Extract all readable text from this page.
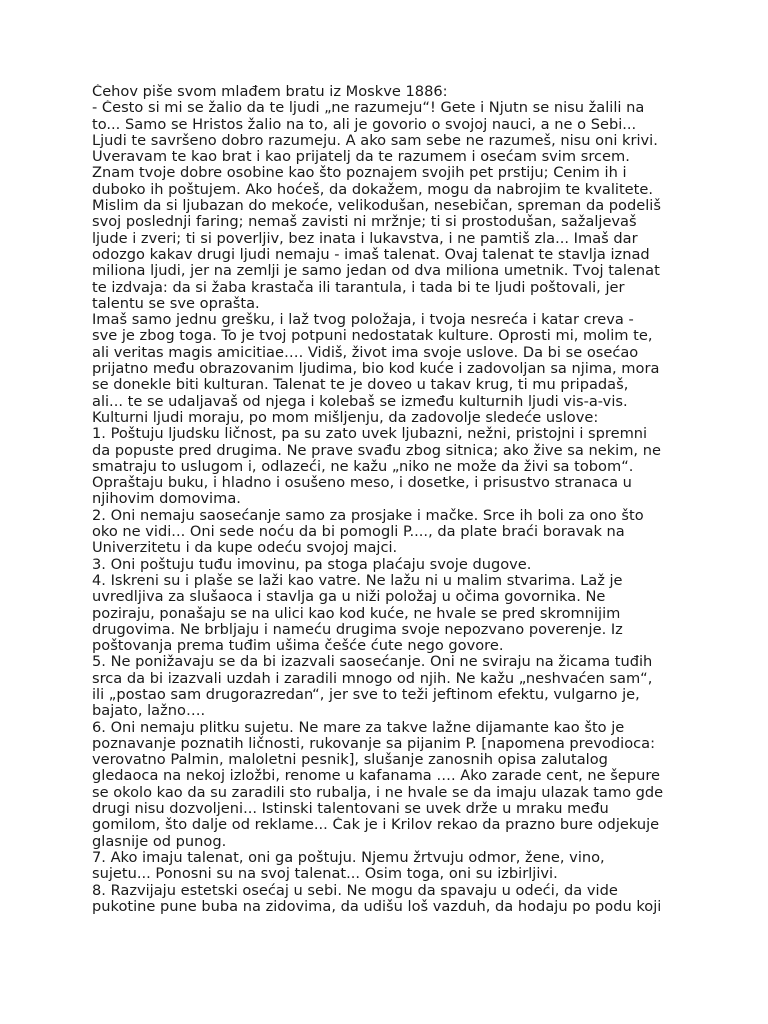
Čehov piše svom mlađem bratu iz Moskve 1886:
- Često si mi se žalio da te ljudi „ne razumeju“! Gete i Njutn se nisu žalili na
to... Samo se Hristos žalio na to, ali je govorio o svojoj nauci, a ne o Sebi...
Ljudi te savršeno dobro razumeju. A ako sam sebe ne razumeš, nisu oni krivi.
Uveravam te kao brat i kao prijatelj da te razumem i osećam svim srcem.
Znam tvoje dobre osobine kao što poznajem svojih pet prstiju; Cenim ih i
duboko ih poštujem. Ako hoćeš, da dokažem, mogu da nabrojim te kvalitete.
Mislim da si ljubazan do mekoće, velikodušan, nesebičan, spreman da podeliš
svoj poslednji faring; nemaš zavisti ni mržnje; ti si prostodušan, sažaljevaš
ljude i zveri; ti si poverljiv, bez inata i lukavstva, i ne pamtiš zla... Imaš dar
odozgo kakav drugi ljudi nemaju - imaš talenat. Ovaj talenat te stavlja iznad
miliona ljudi, jer na zemlji je samo jedan od dva miliona umetnik. Tvoj talenat
te izdvaja: da si žaba krastača ili tarantula, i tada bi te ljudi poštovali, jer
talentu se sve oprašta.
Imaš samo jednu grešku, i laž tvog položaja, i tvoja nesreća i katar creva -
sve je zbog toga. To je tvoj potpuni nedostatak kulture. Oprosti mi, molim te,
ali veritas magis amicitiae…. Vidiš, život ima svoje uslove. Da bi se osećao
prijatno među obrazovanim ljudima, bio kod kuće i zadovoljan sa njima, mora
se donekle biti kulturan. Talenat te je doveo u takav krug, ti mu pripadaš,
ali... te se udaljavaš od njega i kolebaš se između kulturnih ljudi vis-a-vis.
Kulturni ljudi moraju, po mom mišljenju, da zadovolje sledeće uslove:
1. Poštuju ljudsku ličnost, pa su zato uvek ljubazni, nežni, pristojni i spremni
da popuste pred drugima. Ne prave svađu zbog sitnica; ako žive sa nekim, ne
smatraju to uslugom i, odlazeći, ne kažu „niko ne može da živi sa tobom“.
Opraštaju buku, i hladno i osušeno meso, i dosetke, i prisustvo stranaca u
njihovim domovima.
2. Oni nemaju saosećanje samo za prosjake i mačke. Srce ih boli za ono što
oko ne vidi... Oni sede noću da bi pomogli P...., da plate braći boravak na
Univerzitetu i da kupe odeću svojoj majci.
3. Oni poštuju tuđu imovinu, pa stoga plaćaju svoje dugove.
4. Iskreni su i plaše se laži kao vatre. Ne lažu ni u malim stvarima. Laž je
uvredljiva za slušaoca i stavlja ga u niži položaj u očima govornika. Ne
poziraju, ponašaju se na ulici kao kod kuće, ne hvale se pred skromnijim
drugovima. Ne brbljaju i nameću drugima svoje nepozvano poverenje. Iz
poštovanja prema tuđim ušima češće ćute nego govore.
5. Ne ponižavaju se da bi izazvali saosećanje. Oni ne sviraju na žicama tuđih
srca da bi izazvali uzdah i zaradili mnogo od njih. Ne kažu „neshvaćen sam“,
ili „postao sam drugorazredan“, jer sve to teži jeftinom efektu, vulgarno je,
bajato, lažno….
6. Oni nemaju plitku sujetu. Ne mare za takve lažne dijamante kao što je
poznavanje poznatih ličnosti, rukovanje sa pijanim P. [napomena prevodioca:
verovatno Palmin, maloletni pesnik], slušanje zanosnih opisa zalutalog
gledaoca na nekoj izložbi, renome u kafanama …. Ako zarade cent, ne šepure
se okolo kao da su zaradili sto rubalja, i ne hvale se da imaju ulazak tamo gde
drugi nisu dozvoljeni... Istinski talentovani se uvek drže u mraku među
gomilom, što dalje od reklame... Čak je i Krilov rekao da prazno bure odjekuje
glasnije od punog.
7. Ako imaju talenat, oni ga poštuju. Njemu žrtvuju odmor, žene, vino,
sujetu... Ponosni su na svoj talenat... Osim toga, oni su izbirljivi.
8. Razvijaju estetski osećaj u sebi. Ne mogu da spavaju u odeći, da vide
pukotine pune buba na zidovima, da udišu loš vazduh, da hodaju po podu koji
